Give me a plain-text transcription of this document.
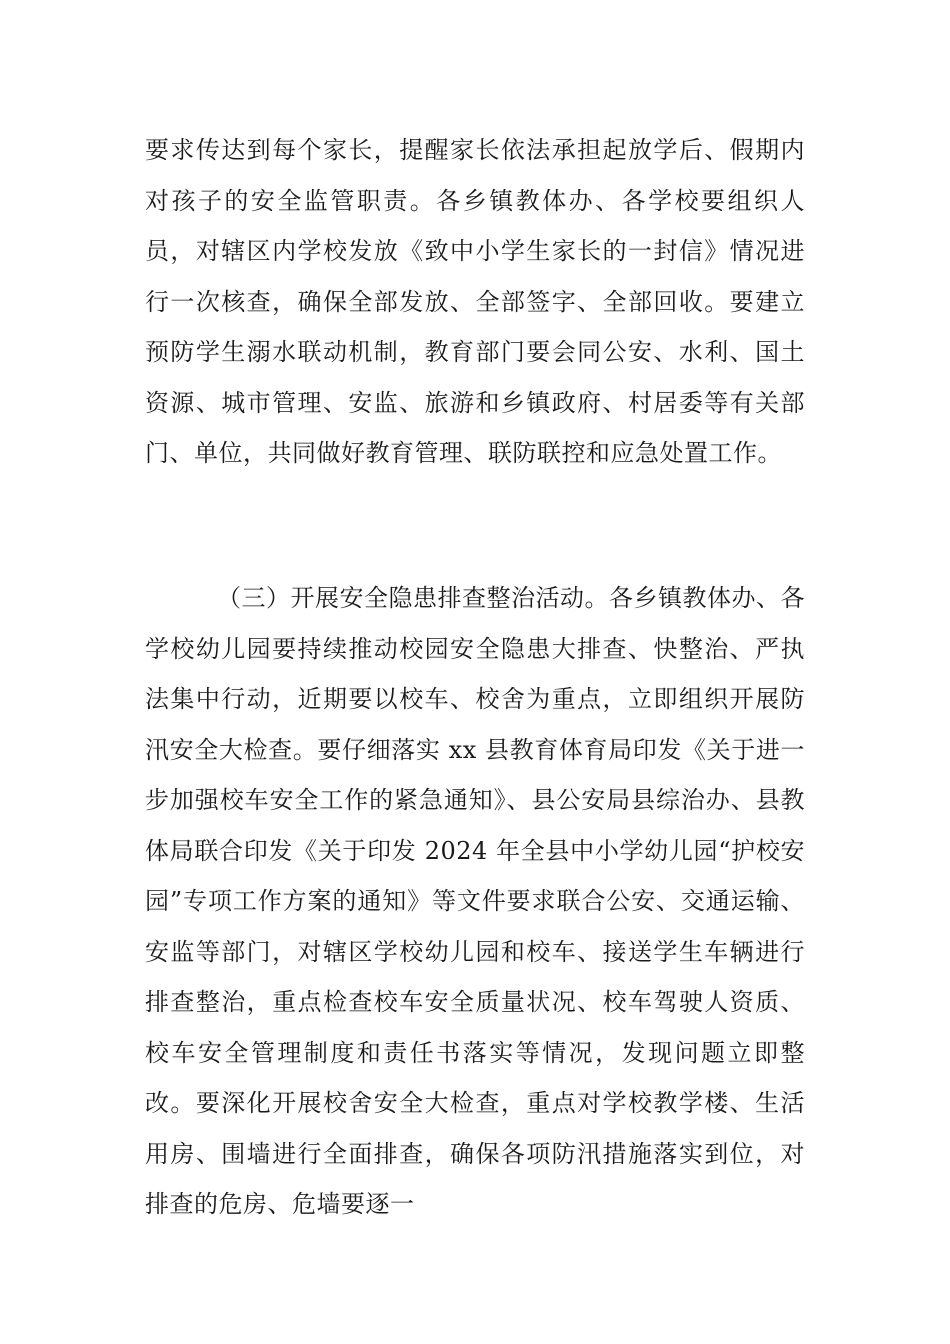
要求传达到每个家长，提醒家长依法承担起放学后、假期内对孩子的安全监管职责。各乡镇教体办、各学校要组织人员，对辖区内学校发放《致中小学生家长的一封信》情况进行一次核查，确保全部发放、全部签字、全部回收。要建立预防学生溺水联动机制，教育部门要会同公安、水利、国土资源、城市管理、安监、旅游和乡镇政府、村居委等有关部门、单位，共同做好教育管理、联防联控和应急处置工作。

（三）开展安全隐患排查整治活动。各乡镇教体办、各学校幼儿园要持续推动校园安全隐患大排查、快整治、严执法集中行动，近期要以校车、校舍为重点，立即组织开展防汛安全大检查。要仔细落实 xx 县教育体育局印发《关于进一步加强校车安全工作的紧急通知》、县公安局县综治办、县教体局联合印发《关于印发 2024 年全县中小学幼儿园“护校安园”专项工作方案的通知》等文件要求联合公安、交通运输、安监等部门，对辖区学校幼儿园和校车、接送学生车辆进行排查整治，重点检查校车安全质量状况、校车驾驶人资质、校车安全管理制度和责任书落实等情况，发现问题立即整改。要深化开展校舍安全大检查，重点对学校教学楼、生活用房、围墙进行全面排查，确保各项防汛措施落实到位，对排查的危房、危墙要逐一
